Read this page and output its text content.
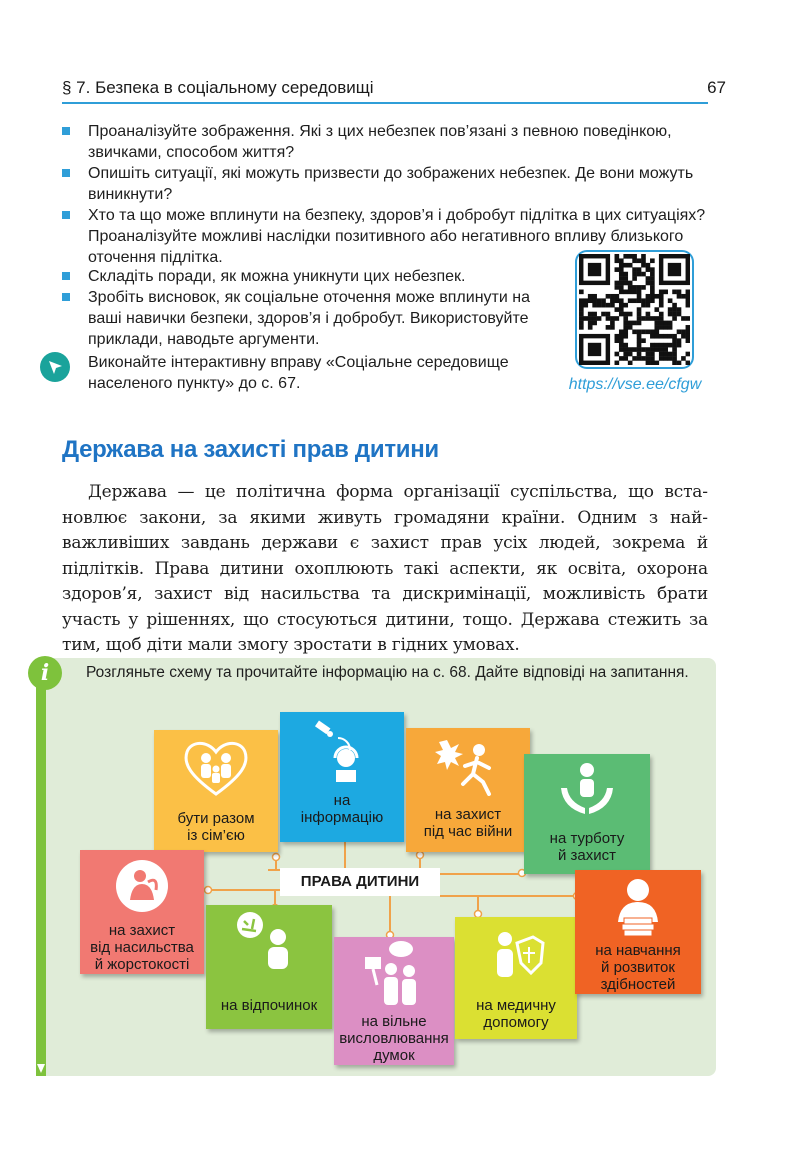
§ 7. Безпека в соціальному середовищі	67
Проаналізуйте зображення. Які з цих небезпек пов’язані з певною поведінкою, звичками, способом життя?
Опишіть ситуації, які можуть призвести до зображених небезпек. Де вони можуть виникнути?
Хто та що може вплинути на безпеку, здоров’я і добробут підлітка в цих ситуаціях? Проаналізуйте можливі наслідки позитивного або негативного впливу близького оточення підлітка.
Складіть поради, як можна уникнути цих небезпек.
Зробіть висновок, як соціальне оточення може вплинути на ваші навички безпеки, здоров’я і добробут. Використовуйте приклади, наводьте аргументи.
Виконайте інтерактивну вправу «Соціальне середовище населеного пункту» до с. 67.	https://vse.ee/cfgw
Держава на захисті прав дитини
Держава — це політична форма організації суспільства, що встановлює закони, за якими живуть громадяни країни. Одним з найважливіших завдань держави є захист прав усіх людей, зокрема й підлітків. Права дитини охоплюють такі аспекти, як освіта, охорона здоров’я, захист від насильства та дискримінації, можливість брати участь у рішеннях, що стосуються дитини, тощо. Держава стежить за тим, щоб діти мали змогу зростати в гідних умовах.
i	Розгляньте схему та прочитайте інформацію на с. 68. Дайте відповіді на запитання.
бути разом
із сім’єю
на
інформацію	на захист
під час війни	на турботу
й захист
на захист
від насильства
й жорстокості
на відпочинок
на вільне
висловлювання
думок
на медичну
допомогу
на навчання
й розвиток
здібностей
ПРАВА ДИТИНИ
